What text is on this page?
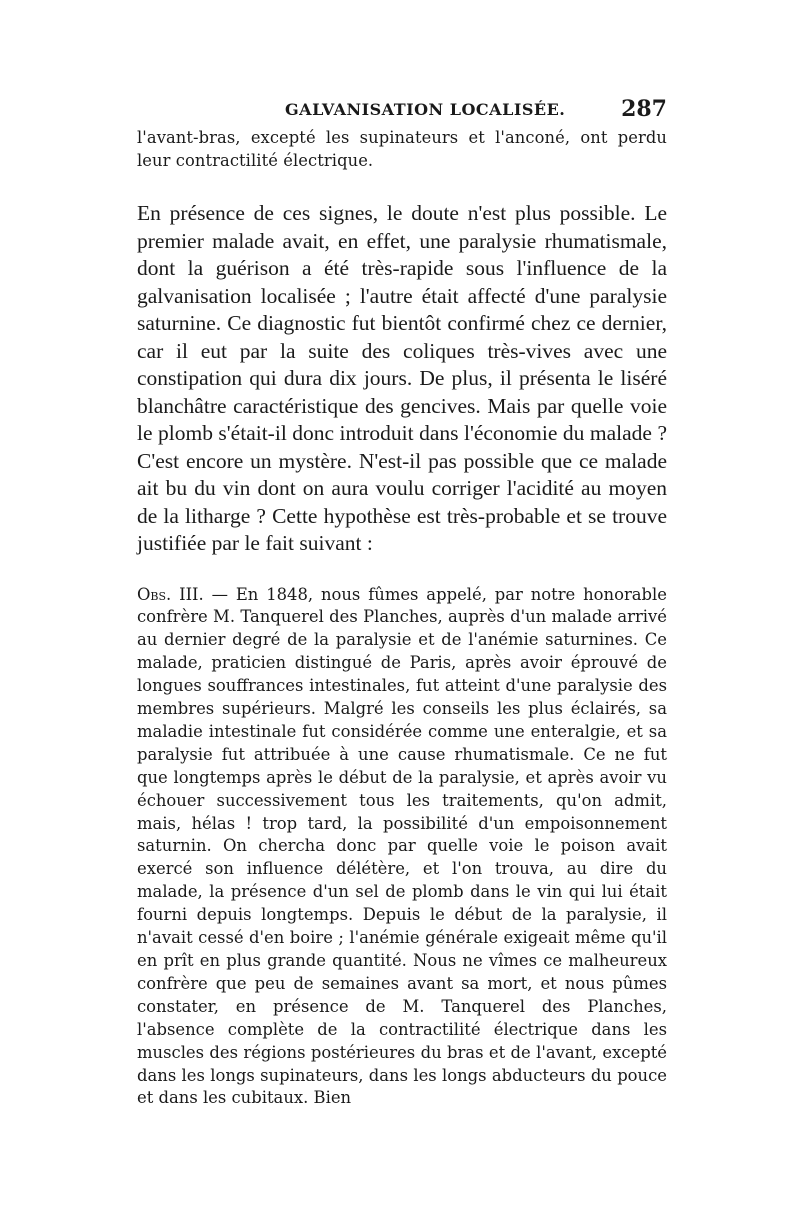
GALVANISATION LOCALISÉE.	287

l'avant-bras, excepté les supinateurs et l'anconé, ont perdu leur contractilité électrique.

En présence de ces signes, le doute n'est plus possible. Le premier malade avait, en effet, une paralysie rhumatismale, dont la guérison a été très-rapide sous l'influence de la galvanisation localisée ; l'autre était affecté d'une paralysie saturnine. Ce diagnostic fut bientôt confirmé chez ce dernier, car il eut par la suite des coliques très-vives avec une constipation qui dura dix jours. De plus, il présenta le liséré blanchâtre caractéristique des gencives. Mais par quelle voie le plomb s'était-il donc introduit dans l'économie du malade ? C'est encore un mystère. N'est-il pas possible que ce malade ait bu du vin dont on aura voulu corriger l'acidité au moyen de la litharge ? Cette hypothèse est très-probable et se trouve justifiée par le fait suivant :

Obs. III. — En 1848, nous fûmes appelé, par notre honorable confrère M. Tanquerel des Planches, auprès d'un malade arrivé au dernier degré de la paralysie et de l'anémie saturnines. Ce malade, praticien distingué de Paris, après avoir éprouvé de longues souffrances intestinales, fut atteint d'une paralysie des membres supérieurs. Malgré les conseils les plus éclairés, sa maladie intestinale fut considérée comme une enteralgie, et sa paralysie fut attribuée à une cause rhumatismale. Ce ne fut que longtemps après le début de la paralysie, et après avoir vu échouer successivement tous les traitements, qu'on admit, mais, hélas ! trop tard, la possibilité d'un empoisonnement saturnin. On chercha donc par quelle voie le poison avait exercé son influence délétère, et l'on trouva, au dire du malade, la présence d'un sel de plomb dans le vin qui lui était fourni depuis longtemps. Depuis le début de la paralysie, il n'avait cessé d'en boire ; l'anémie générale exigeait même qu'il en prît en plus grande quantité. Nous ne vîmes ce malheureux confrère que peu de semaines avant sa mort, et nous pûmes constater, en présence de M. Tanquerel des Planches, l'absence complète de la contractilité électrique dans les muscles des régions postérieures du bras et de l'avant, excepté dans les longs supinateurs, dans les longs abducteurs du pouce et dans les cubitaux. Bien
